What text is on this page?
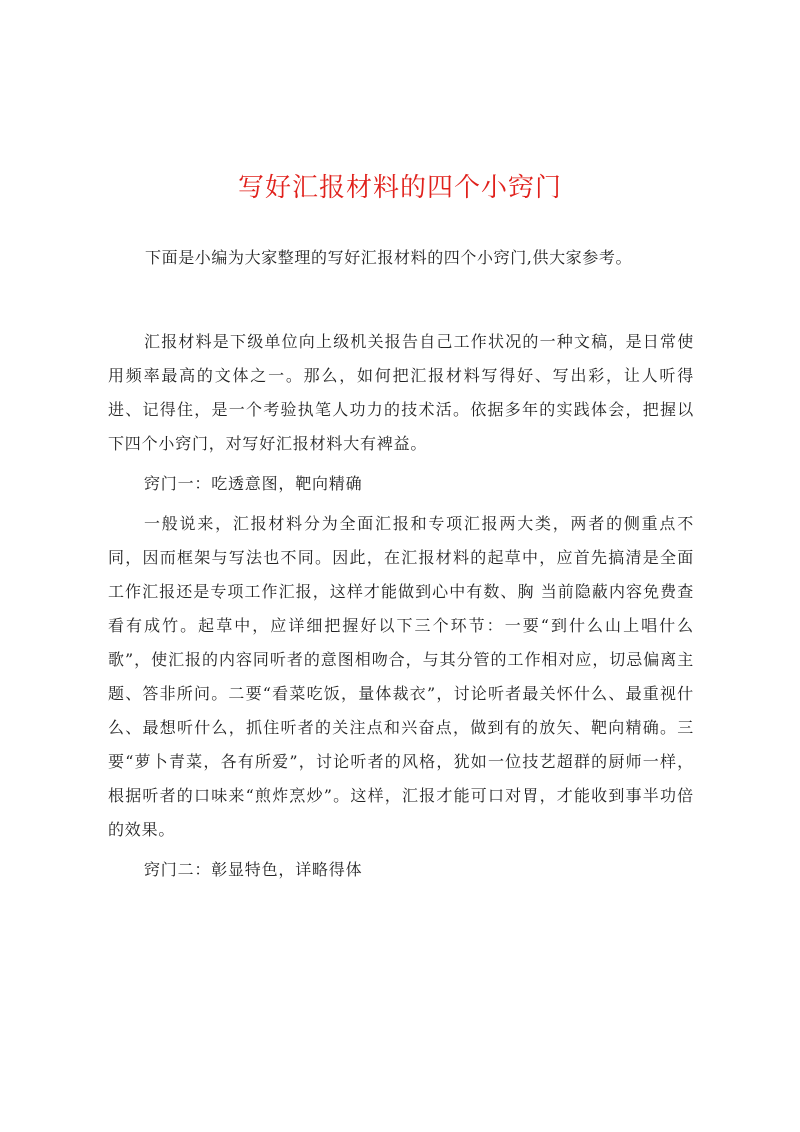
写好汇报材料的四个小窍门

下面是小编为大家整理的写好汇报材料的四个小窍门,供大家参考。

汇报材料是下级单位向上级机关报告自己工作状况的一种文稿，是日常使用频率最高的文体之一。那么，如何把汇报材料写得好、写出彩，让人听得进、记得住，是一个考验执笔人功力的技术活。依据多年的实践体会，把握以下四个小窍门，对写好汇报材料大有裨益。

窍门一：吃透意图，靶向精确

一般说来，汇报材料分为全面汇报和专项汇报两大类，两者的侧重点不同，因而框架与写法也不同。因此，在汇报材料的起草中，应首先搞清是全面工作汇报还是专项工作汇报，这样才能做到心中有数、胸 当前隐蔽内容免费查看有成竹。起草中，应详细把握好以下三个环节：一要“到什么山上唱什么歌”，使汇报的内容同听者的意图相吻合，与其分管的工作相对应，切忌偏离主题、答非所问。二要“看菜吃饭，量体裁衣”，讨论听者最关怀什么、最重视什么、最想听什么，抓住听者的关注点和兴奋点，做到有的放矢、靶向精确。三要“萝卜青菜，各有所爱”，讨论听者的风格，犹如一位技艺超群的厨师一样，根据听者的口味来“煎炸烹炒”。这样，汇报才能可口对胃，才能收到事半功倍的效果。

窍门二：彰显特色，详略得体
